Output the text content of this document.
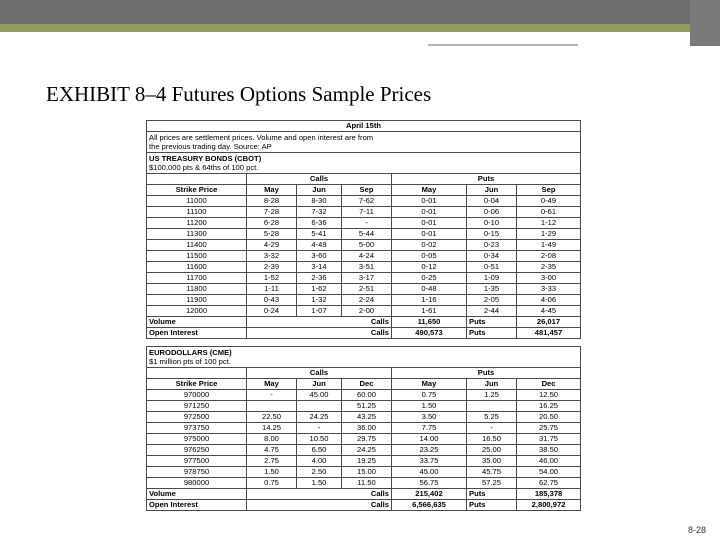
EXHIBIT 8–4 Futures Options Sample Prices
April 15th						
All prices are settlement prices. Volume and open interest are from
the previous trading day. Source: AP						
US TREASURY BONDS (CBOT)
$100,000 pts & 64ths of 100 pct.						
	Calls			Puts		
Strike Price	May	Jun	Sep	May	Jun	Sep
11000	8-28	8-30	7-62	0-01	0-04	0-49
11100	7-28	7-32	7-11	0-01	0-06	0-61
11200	6-28	6-36	-	0-01	0-10	1-12
11300	5-28	5-41	5-44	0-01	0-15	1-29
11400	4-29	4-49	5-00	0-02	0-23	1-49
11500	3-32	3-60	4-24	0-05	0-34	2-08
11600	2-39	3-14	3-51	0-12	0-51	2-35
11700	1-52	2-36	3-17	0-25	1-09	3-00
11800	1-11	1-62	2-51	0-48	1-35	3-33
11900	0-43	1-32	2-24	1-16	2-05	4-06
12000	0-24	1-07	2-00	1-61	2-44	4-45
Volume	Calls			11,650	Puts	26,017
Open Interest	Calls			490,573	Puts	481,457
EURODOLLARS (CME)
$1 million pts of 100 pct.						
	Calls			Puts		
Strike Price	May	Jun	Dec	May	Jun	Dec
970000	-	45.00	60.00	0.75	1.25	12.50
971250			51.25	1.50		16.25
972500	22.50	24.25	43.25	3.50	5.25	20.50
973750	14.25	-	36.00	7.75	-	25.75
975000	8.00	10.50	29.75	14.00	16.50	31.75
976250	4.75	6.50	24.25	23.25	25.00	38.50
977500	2.75	4.00	19.25	33.75	35.00	46.00
978750	1.50	2.50	15.00	45.00	45.75	54.00
980000	0.75	1.50	11.50	56.75	57.25	62.75
Volume	Calls			215,402	Puts	185,378
Open Interest	Calls			6,566,635	Puts	2,800,972
8-28
